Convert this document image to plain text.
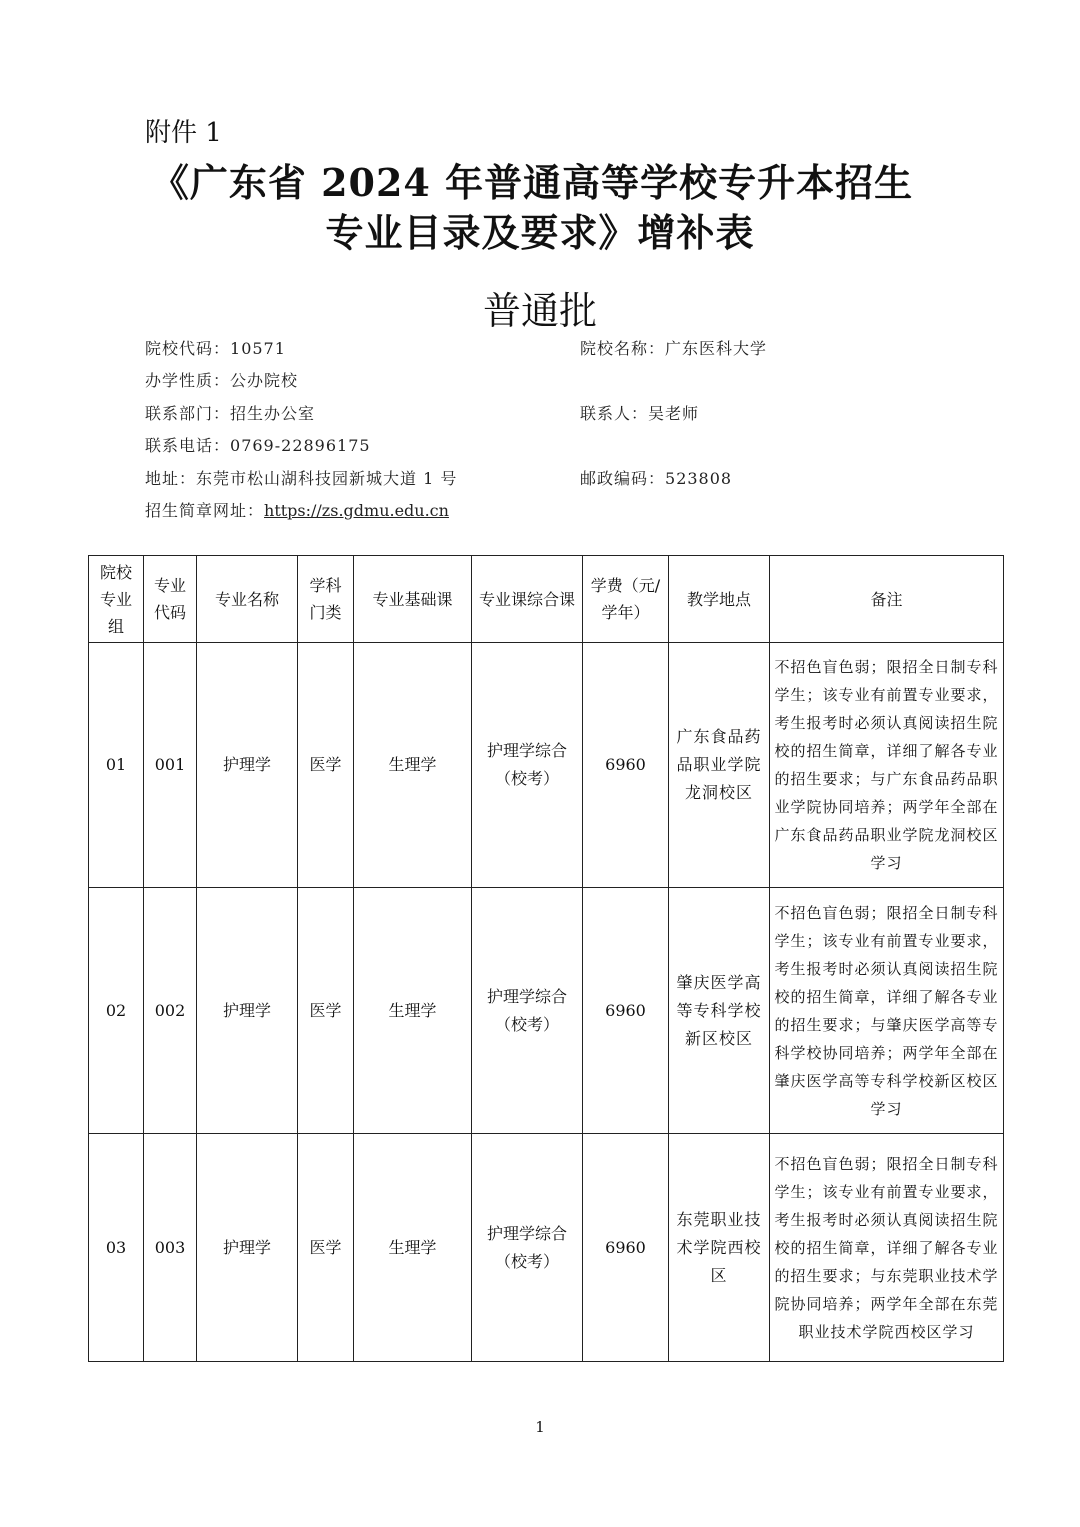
附件 1
《广东省 2024 年普通高等学校专升本招生
专业目录及要求》增补表
普通批
院校代码：10571	院校名称：广东医科大学
办学性质：公办院校
联系部门：招生办公室	联系人：吴老师
联系电话：0769-22896175
地址：东莞市松山湖科技园新城大道 1 号	邮政编码：523808
招生简章网址：https://zs.gdmu.edu.cn
院校专业组	专业代码	专业名称	学科门类	专业基础课	专业课综合课	学费（元/学年）	教学地点	备注
01	001	护理学	医学	生理学	护理学综合（校考）	6960	广东食品药品职业学院龙洞校区	不招色盲色弱；限招全日制专科学生；该专业有前置专业要求，考生报考时必须认真阅读招生院校的招生简章，详细了解各专业的招生要求；与广东食品药品职业学院协同培养；两学年全部在广东食品药品职业学院龙洞校区学习
02	002	护理学	医学	生理学	护理学综合（校考）	6960	肇庆医学高等专科学校新区校区	不招色盲色弱；限招全日制专科学生；该专业有前置专业要求，考生报考时必须认真阅读招生院校的招生简章，详细了解各专业的招生要求；与肇庆医学高等专科学校协同培养；两学年全部在肇庆医学高等专科学校新区校区学习
03	003	护理学	医学	生理学	护理学综合（校考）	6960	东莞职业技术学院西校区	不招色盲色弱；限招全日制专科学生；该专业有前置专业要求，考生报考时必须认真阅读招生院校的招生简章，详细了解各专业的招生要求；与东莞职业技术学院协同培养；两学年全部在东莞职业技术学院西校区学习
1
